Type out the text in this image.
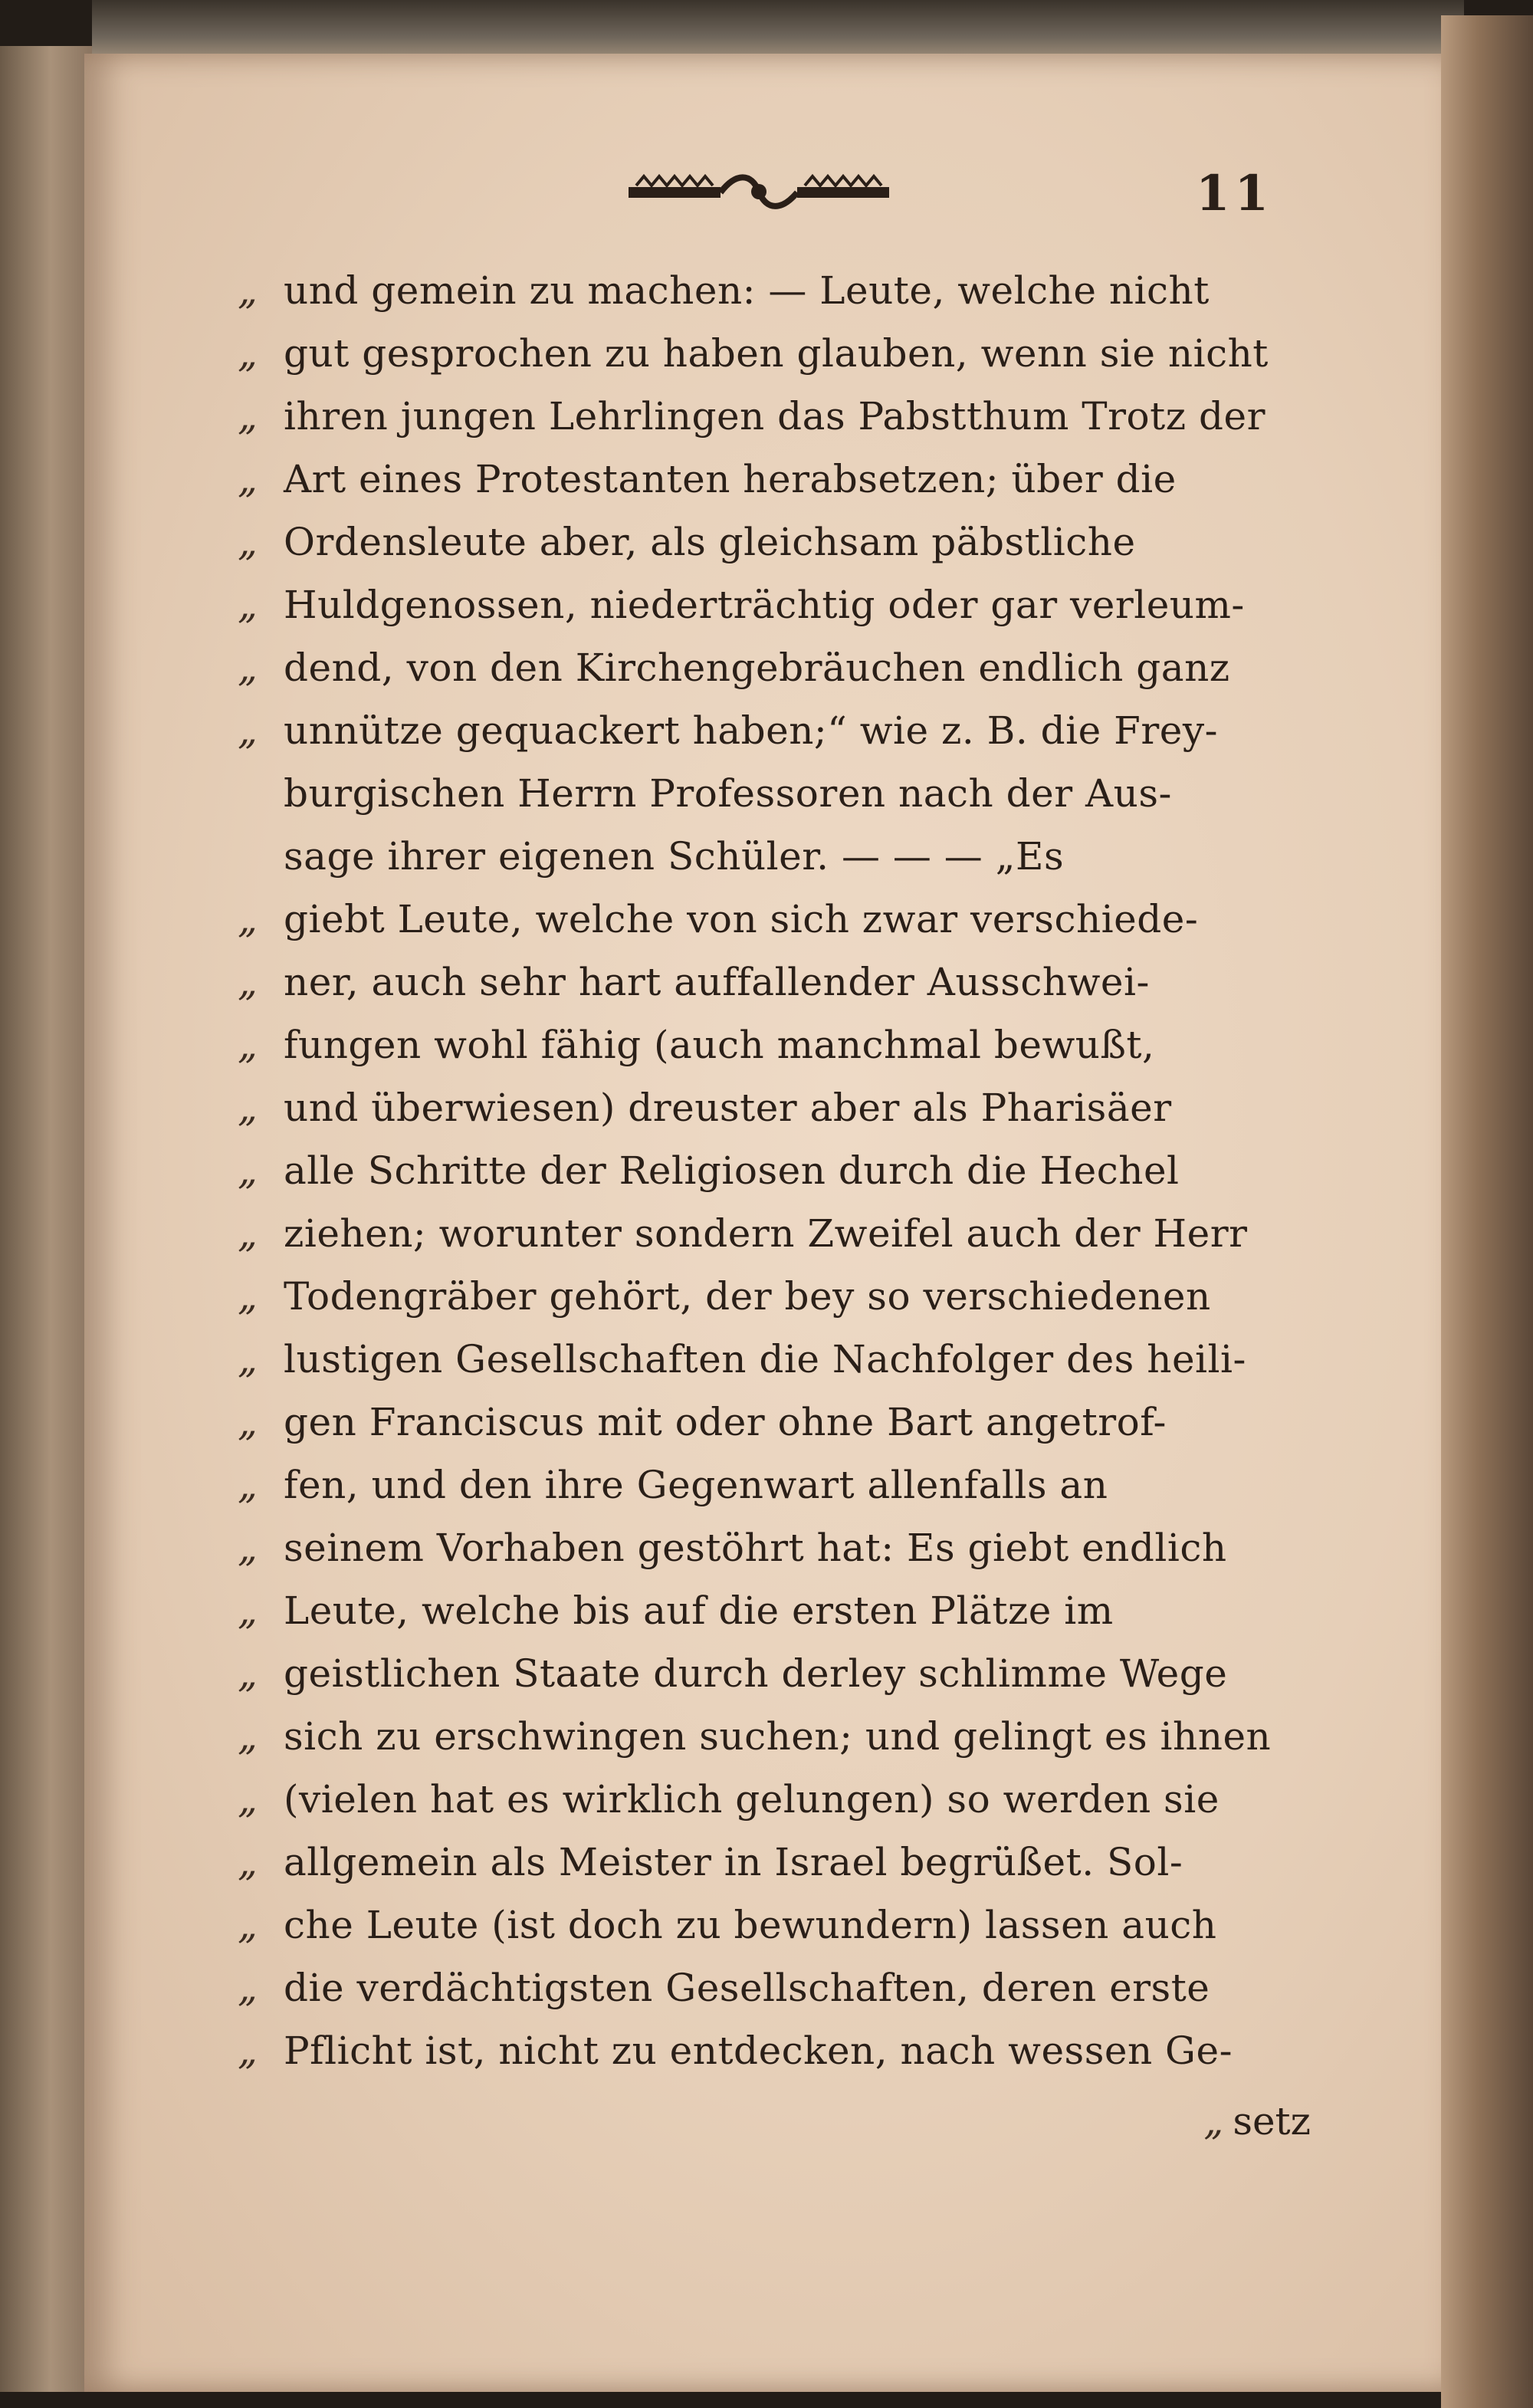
11
„ und gemein zu machen: — Leute, welche nicht
„ gut gesprochen zu haben glauben, wenn sie nicht
„ ihren jungen Lehrlingen das Pabstthum Trotz der
„ Art eines Protestanten herabsetzen; über die
„ Ordensleute aber, als gleichsam päbstliche
„ Huldgenossen, niederträchtig oder gar verleum-
„ dend, von den Kirchengebräuchen endlich ganz
„ unnütze gequackert haben;“ wie z. B. die Frey-
burgischen Herrn Professoren nach der Aus-
sage ihrer eigenen Schüler. — — — „Es
„ giebt Leute, welche von sich zwar verschiede-
„ ner, auch sehr hart auffallender Ausschwei-
„ fungen wohl fähig (auch manchmal bewußt,
„ und überwiesen) dreuster aber als Pharisäer
„ alle Schritte der Religiosen durch die Hechel
„ ziehen; worunter sondern Zweifel auch der Herr
„ Todengräber gehört, der bey so verschiedenen
„ lustigen Gesellschaften die Nachfolger des heili-
„ gen Franciscus mit oder ohne Bart angetrof-
„ fen, und den ihre Gegenwart allenfalls an
„ seinem Vorhaben gestöhrt hat: Es giebt endlich
„ Leute, welche bis auf die ersten Plätze im
„ geistlichen Staate durch derley schlimme Wege
„ sich zu erschwingen suchen; und gelingt es ihnen
„ (vielen hat es wirklich gelungen) so werden sie
„ allgemein als Meister in Israel begrüßet. Sol-
„ che Leute (ist doch zu bewundern) lassen auch
„ die verdächtigsten Gesellschaften, deren erste
„ Pflicht ist, nicht zu entdecken, nach wessen Ge-
„ setz
